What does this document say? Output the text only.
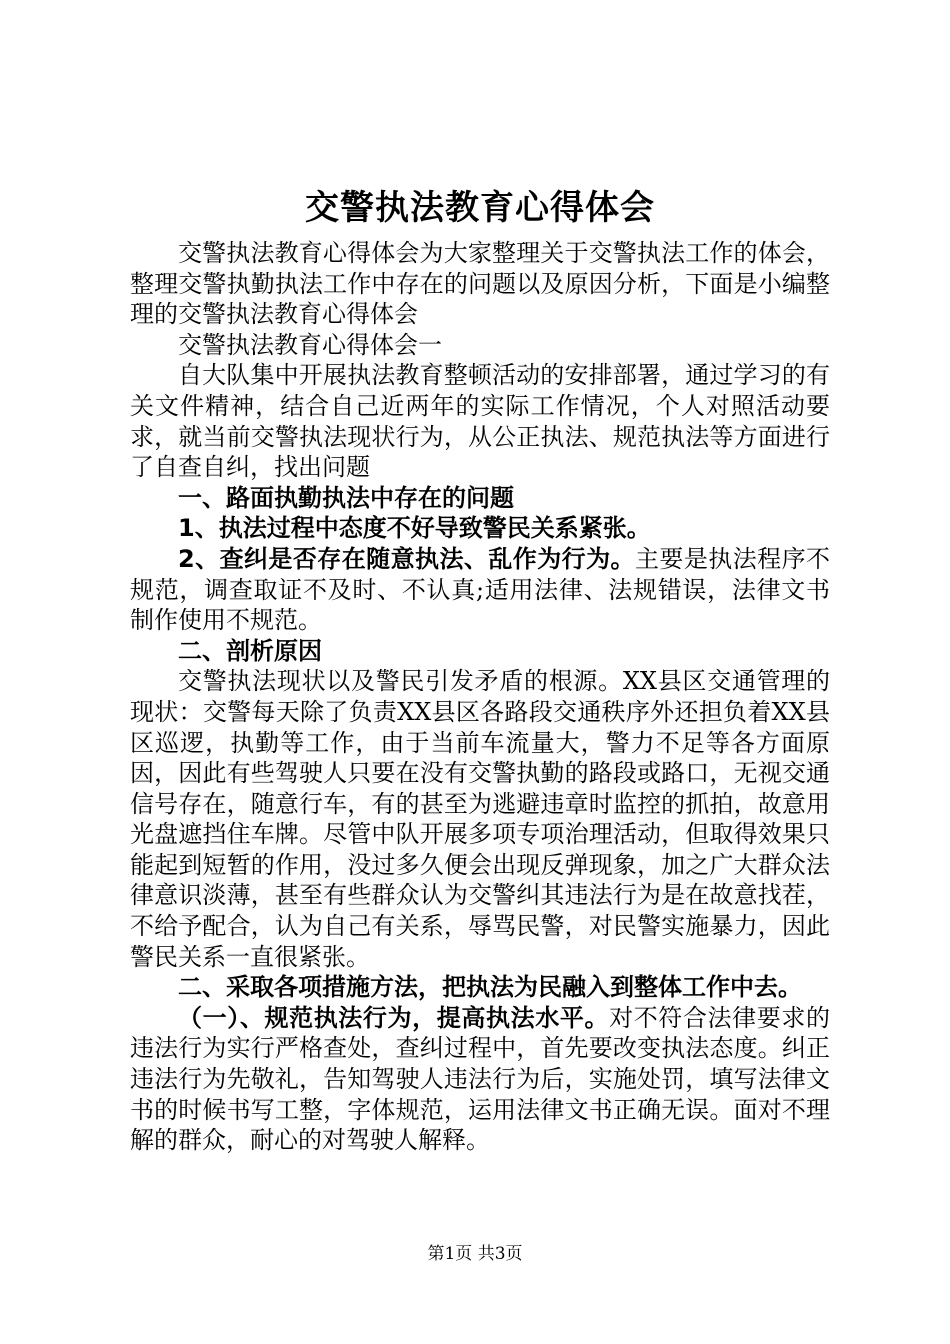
交警执法教育心得体会

交警执法教育心得体会为大家整理关于交警执法工作的体会，整理交警执勤执法工作中存在的问题以及原因分析，下面是小编整理的交警执法教育心得体会

交警执法教育心得体会一

自大队集中开展执法教育整顿活动的安排部署，通过学习的有关文件精神，结合自己近两年的实际工作情况，个人对照活动要求，就当前交警执法现状行为，从公正执法、规范执法等方面进行了自查自纠，找出问题

一、路面执勤执法中存在的问题

1、执法过程中态度不好导致警民关系紧张。

2、查纠是否存在随意执法、乱作为行为。主要是执法程序不规范，调查取证不及时、不认真;适用法律、法规错误，法律文书制作使用不规范。

二、剖析原因

交警执法现状以及警民引发矛盾的根源。XX县区交通管理的现状：交警每天除了负责XX县区各路段交通秩序外还担负着XX县区巡逻，执勤等工作，由于当前车流量大，警力不足等各方面原因，因此有些驾驶人只要在没有交警执勤的路段或路口，无视交通信号存在，随意行车，有的甚至为逃避违章时监控的抓拍，故意用光盘遮挡住车牌。尽管中队开展多项专项治理活动，但取得效果只能起到短暂的作用，没过多久便会出现反弹现象，加之广大群众法律意识淡薄，甚至有些群众认为交警纠其违法行为是在故意找茬，不给予配合，认为自己有关系，辱骂民警，对民警实施暴力，因此警民关系一直很紧张。

二、采取各项措施方法，把执法为民融入到整体工作中去。

（一）、规范执法行为，提高执法水平。对不符合法律要求的违法行为实行严格查处，查纠过程中，首先要改变执法态度。纠正违法行为先敬礼，告知驾驶人违法行为后，实施处罚，填写法律文书的时候书写工整，字体规范，运用法律文书正确无误。面对不理解的群众，耐心的对驾驶人解释。

第1页 共3页
